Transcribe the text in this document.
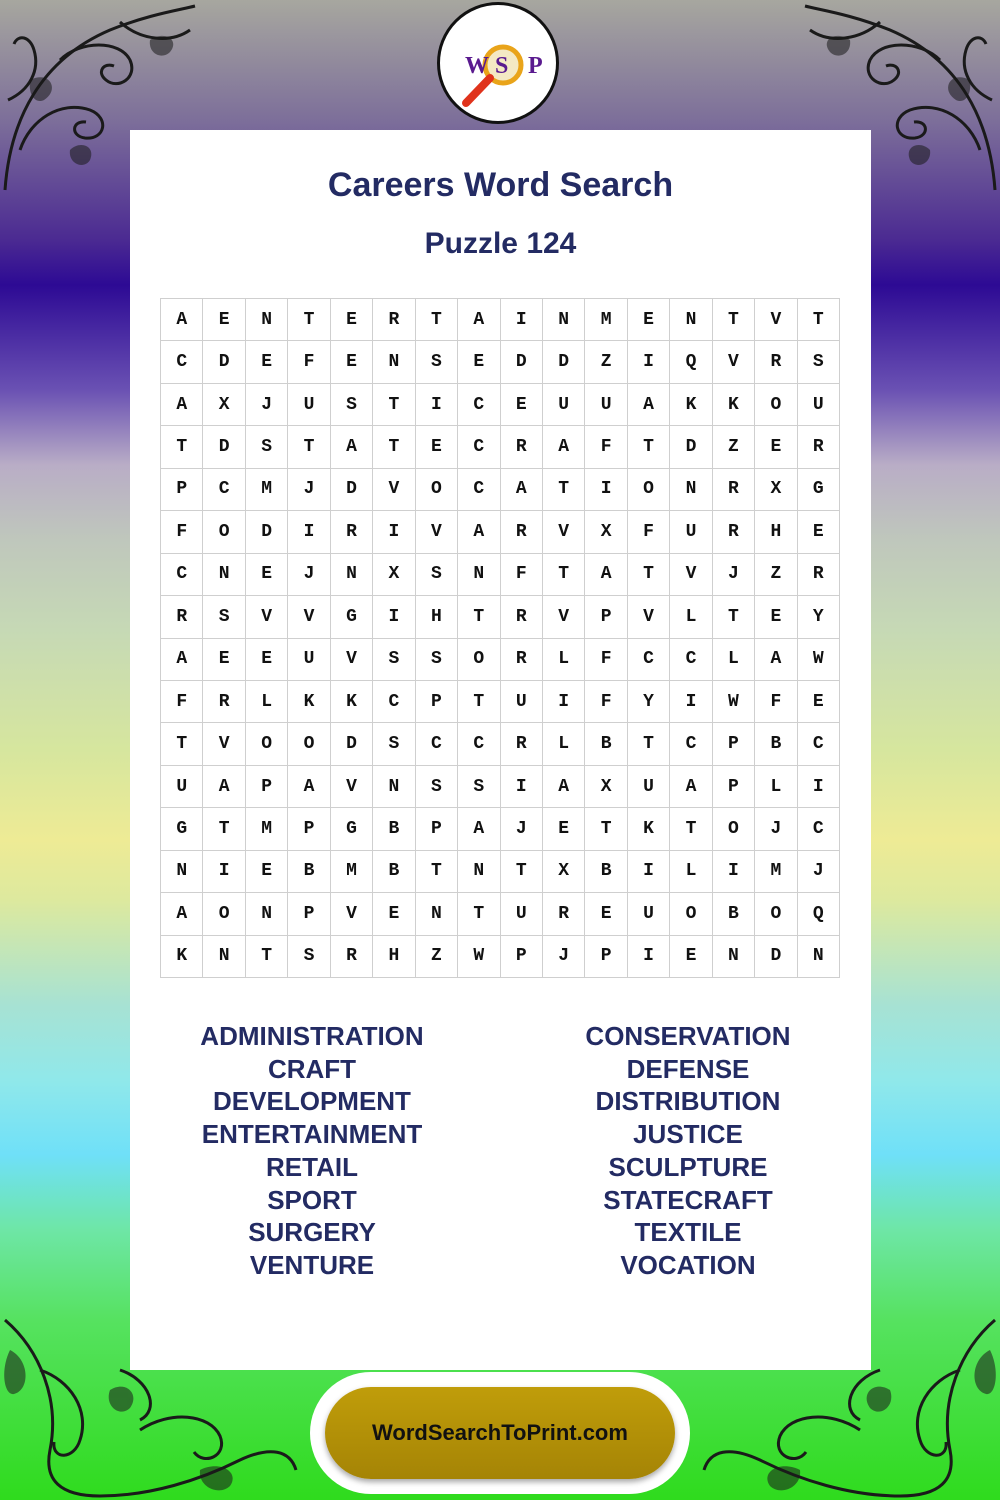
W S P
Careers Word Search
Puzzle 124
A	E	N	T	E	R	T	A	I	N	M	E	N	T	V	T
C	D	E	F	E	N	S	E	D	D	Z	I	Q	V	R	S
A	X	J	U	S	T	I	C	E	U	U	A	K	K	O	U
T	D	S	T	A	T	E	C	R	A	F	T	D	Z	E	R
P	C	M	J	D	V	O	C	A	T	I	O	N	R	X	G
F	O	D	I	R	I	V	A	R	V	X	F	U	R	H	E
C	N	E	J	N	X	S	N	F	T	A	T	V	J	Z	R
R	S	V	V	G	I	H	T	R	V	P	V	L	T	E	Y
A	E	E	U	V	S	S	O	R	L	F	C	C	L	A	W
F	R	L	K	K	C	P	T	U	I	F	Y	I	W	F	E
T	V	O	O	D	S	C	C	R	L	B	T	C	P	B	C
U	A	P	A	V	N	S	S	I	A	X	U	A	P	L	I
G	T	M	P	G	B	P	A	J	E	T	K	T	O	J	C
N	I	E	B	M	B	T	N	T	X	B	I	L	I	M	J
A	O	N	P	V	E	N	T	U	R	E	U	O	B	O	Q
K	N	T	S	R	H	Z	W	P	J	P	I	E	N	D	N
ADMINISTRATION
CRAFT
DEVELOPMENT
ENTERTAINMENT
RETAIL
SPORT
SURGERY
VENTURE
CONSERVATION
DEFENSE
DISTRIBUTION
JUSTICE
SCULPTURE
STATECRAFT
TEXTILE
VOCATION
WordSearchToPrint.com
